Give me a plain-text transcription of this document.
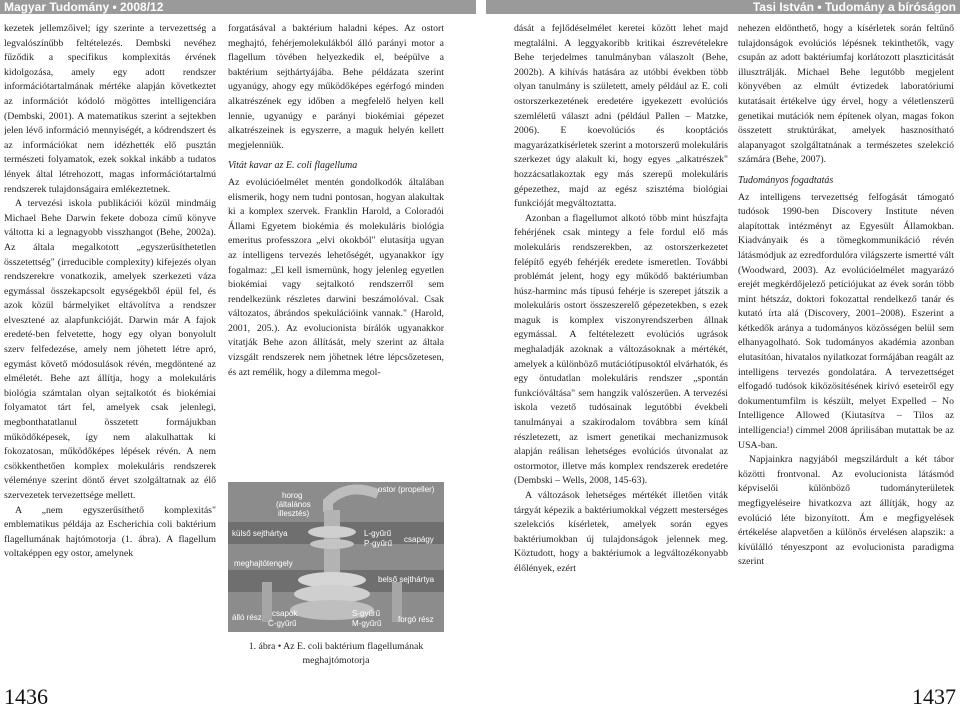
Magyar Tudomány • 2008/12	Tasi István • Tudomány a bíróságon

kezetek jellemzőivel; így szerinte a tervezettség a legvalószínűbb feltételezés. Dembski nevéhez fűződik a specifikus komplexitás érvének kidolgozása, amely egy adott rendszer információtartalmának mértéke alapján következtet az információt kódoló mögöttes intelligenciára (Dembski, 2001). A matematikus szerint a sejtekben jelen lévő információ mennyiségét, a kódrendszert és az információkat nem idézhették elő pusztán természeti folyamatok, ezek sokkal inkább a tudatos lények által létrehozott, magas információtartalmú rendszerek tulajdonságaira emlékeztetnek.

A tervezési iskola publikációi közül mindmáig Michael Behe Darwin fekete doboza című könyve váltotta ki a legnagyobb visszhangot (Behe, 2002a). Az általa megalkotott „egyszerűsíthetetlen összetettség" (irreducible complexity) kifejezés olyan rendszerekre vonatkozik, amelyek szerkezeti váza egymással összekapcsolt egységekből épül fel, és azok közül bármelyiket eltávolítva a rendszer elvesztené az alapfunkcióját. Darwin már A fajok eredeté-ben felvetette, hogy egy olyan bonyolult szerv felfedezése, amely nem jöhetett létre apró, egymást követő módosulások révén, megdöntené az elméletét. Behe azt állítja, hogy a molekuláris biológia számtalan olyan sejtalkotót és biokémiai folyamatot tárt fel, amelyek csak jelenlegi, megbonthatatlanul összetett formájukban működőképesek, így nem alakulhattak ki fokozatosan, működőképes lépések révén. A nem csökkenthetően komplex molekuláris rendszerek véleménye szerint döntő érvet szolgáltatnak az élő szervezetek tervezettsége mellett.

A „nem egyszerűsíthető komplexitás" emblematikus példája az Escherichia coli baktérium flagellumának hajtómotorja (1. ábra). A flagellum voltaképpen egy ostor, amelynek

forgatásával a baktérium haladni képes. Az ostort meghajtó, fehérjemolekulákból álló parányi motor a flagellum tövében helyezkedik el, beépülve a baktérium sejthártyájába. Behe példázata szerint ugyanúgy, ahogy egy működőképes egérfogó minden alkatrészének egy időben a megfelelő helyen kell lennie, ugyanúgy e parányi biokémiai gépezet alkatrészeinek is egyszerre, a maguk helyén kellett megjelenniük.

Vitát kavar az E. coli flagelluma

Az evolúcióelmélet mentén gondolkodók általában elismerik, hogy nem tudni pontosan, hogyan alakultak ki a komplex szervek. Franklin Harold, a Coloradói Állami Egyetem biokémia és molekuláris biológia emeritus professzora „elvi okokból" elutasítja ugyan az intelligens tervezés lehetőségét, ugyanakkor így fogalmaz: „El kell ismernünk, hogy jelenleg egyetlen biokémiai vagy sejtalkotó rendszerről sem rendelkezünk részletes darwini beszámolóval. Csak változatos, ábrándos spekulációink vannak." (Harold, 2001, 205.). Az evolucionista bírálók ugyanakkor vitatják Behe azon állítását, mely szerint az általa vizsgált rendszerek nem jöhetnek létre lépcsőzetesen, és azt remélik, hogy a dilemma megol-

horog
(általános
illesztés)
ostor (propeller)
külső sejthártya	L-gyűrű
P-gyűrű csapágy
meghajtótengely
belső sejthártya
álló rész csapok
C-gyűrű
S-gyűrű
M-gyűrű forgó rész
1. ábra • Az E. coli baktérium flagellumának
meghajtómotorja

dását a fejlődéselmélet keretei között lehet majd megtalálni. A leggyakoribb kritikai észrevételekre Behe terjedelmes tanulmányban válaszolt (Behe, 2002b). A kihívás hatására az utóbbi években több olyan tanulmány is született, amely például az E. coli ostorszerkezetének eredetére igyekezett evolúciós szemléletű választ adni (például Pallen – Matzke, 2006). E koevolúciós és kooptációs magyarázatkísérletek szerint a motorszerű molekuláris szerkezet úgy alakult ki, hogy egyes „alkatrészek" hozzácsatlakoztak egy más szerepű molekuláris gépezethez, majd az egész szisztéma biológiai funkcióját megváltoztatta.

Azonban a flagellumot alkotó több mint húszfajta fehérjének csak mintegy a fele fordul elő más molekuláris rendszerekben, az ostorszerkezetet felépítő egyéb fehérjék eredete ismeretlen. További problémát jelent, hogy egy működő baktériumban húsz-harminc más típusú fehérje is szerepet játszik a molekuláris ostort összeszerelő gépezetekben, s ezek maguk is komplex viszonyrendszerben állnak egymással. A feltételezett evolúciós ugrások meghaladják azoknak a változásoknak a mértékét, amelyek a különböző mutációtípusoktól elvárhatók, és egy öntudatlan molekuláris rendszer „spontán funkcióváltása" sem hangzik valószerűen. A tervezési iskola vezető tudósainak legutóbbi évekbeli tanulmányai a szakirodalom továbbra sem kínál részletezett, az ismert genetikai mechanizmusok alapján reálisan lehetséges evolúciós útvonalat az ostormotor, illetve más komplex rendszerek eredetére (Dembski – Wells, 2008, 145-63).

A változások lehetséges mértékét illetően viták tárgyát képezik a baktériumokkal végzett mesterséges szelekciós kísérletek, amelyek során egyes baktériumokban új tulajdonságok jelennek meg. Köztudott, hogy a baktériumok a legváltozékonyabb élőlények, ezért

nehezen eldönthető, hogy a kísérletek során feltűnő tulajdonságok evolúciós lépésnek tekinthetők, vagy csupán az adott baktériumfaj korlátozott plaszticitását illusztrálják. Michael Behe legutóbb megjelent könyvében az elmúlt évtizedek laboratóriumi kutatásait értékelve úgy érvel, hogy a véletlenszerű genetikai mutációk nem építenek olyan, magas fokon összetett struktúrákat, amelyek hasznosítható alapanyagot szolgáltatnának a természetes szelekció számára (Behe, 2007).

Tudományos fogadtatás

Az intelligens tervezettség felfogását támogató tudósok 1990-ben Discovery Institute néven alapítottak intézményt az Egyesült Államokban. Kiadványaik és a tömegkommunikáció révén látásmódjuk az ezredfordulóra világszerte ismertté vált (Woodward, 2003). Az evolúcióelmélet magyarázó erejét megkérdőjelező petíciójukat az évek során több mint hétszáz, doktori fokozattal rendelkező tanár és kutató írta alá (Discovery, 2001–2008). Eszerint a kétkedők aránya a tudományos közösségen belül sem elhanyagolható. Sok tudományos akadémia azonban elutasítóan, hivatalos nyilatkozat formájában reagált az intelligens tervezés gondolatára. A tervezettséget elfogadó tudósok kiközösítésének kirívó eseteiről egy dokumentumfilm is készült, melyet Expelled – No Intelligence Allowed (Kiutasítva – Tilos az intelligencia!) címmel 2008 áprilisában mutattak be az USA-ban.

Napjainkra nagyjából megszilárdult a két tábor közötti frontvonal. Az evolucionista látásmód képviselői különböző tudományterületek megfigyeléseire hivatkozva azt állítják, hogy az evolúció léte bizonyított. Ám e megfigyelések értékelése alapvetően a különös érvelésen alapszik: a kívülálló tényeszpont az evolucionista paradigma szerint

1436	1437
